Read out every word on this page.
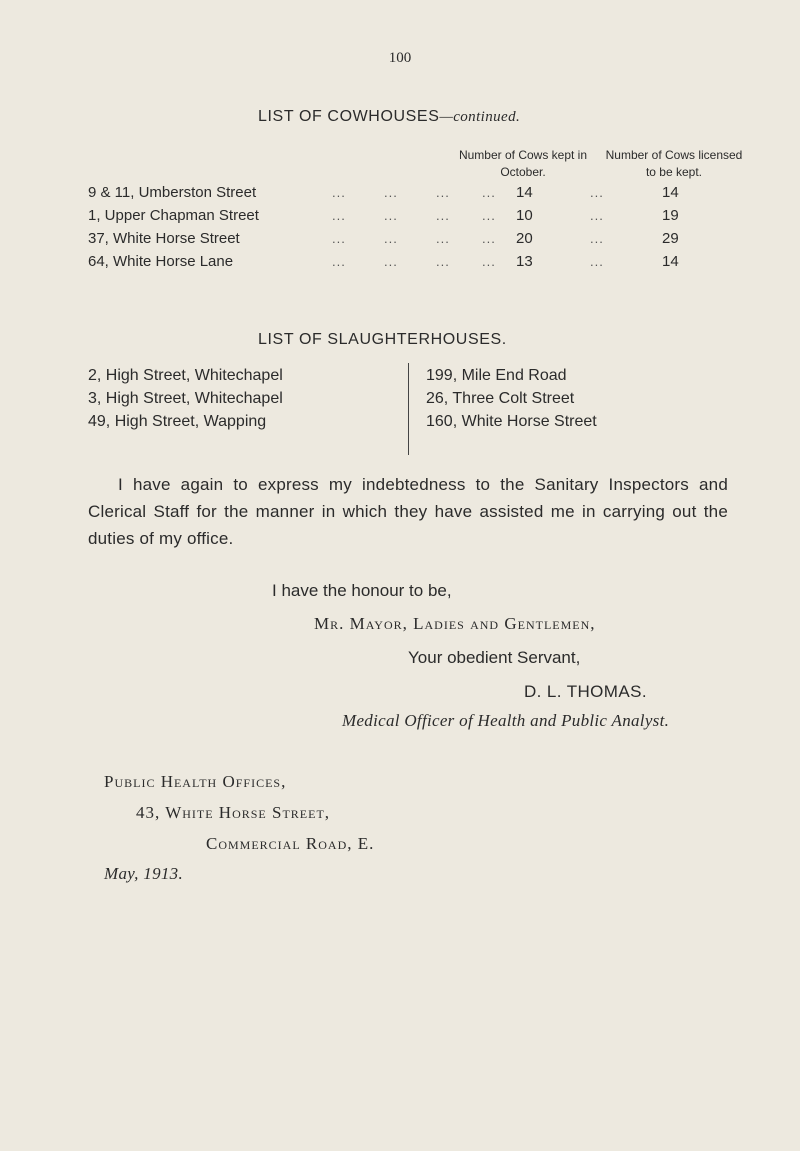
100
LIST OF COWHOUSES—continued.
Number of Cows kept in October.
Number of Cows licensed to be kept.
9 & 11, Umberston Street	...	...	... ... 14	...	14
1, Upper Chapman Street	...	...	... ... 10	...	19
37, White Horse Street	...	...	... ... 20	...	29
64, White Horse Lane	...	...	... ... 13	...	14
LIST OF SLAUGHTERHOUSES.
2, High Street, Whitechapel
3, High Street, Whitechapel
49, High Street, Wapping
199, Mile End Road
26, Three Colt Street
160, White Horse Street
I have again to express my indebtedness to the Sanitary Inspectors and Clerical Staff for the manner in which they have assisted me in carrying out the duties of my office.
I have the honour to be,
Mr. Mayor, Ladies and Gentlemen,
Your obedient Servant,
D. L. THOMAS.
Medical Officer of Health and Public Analyst.
Public Health Offices,
43, White Horse Street,
Commercial Road, E.
May, 1913.
